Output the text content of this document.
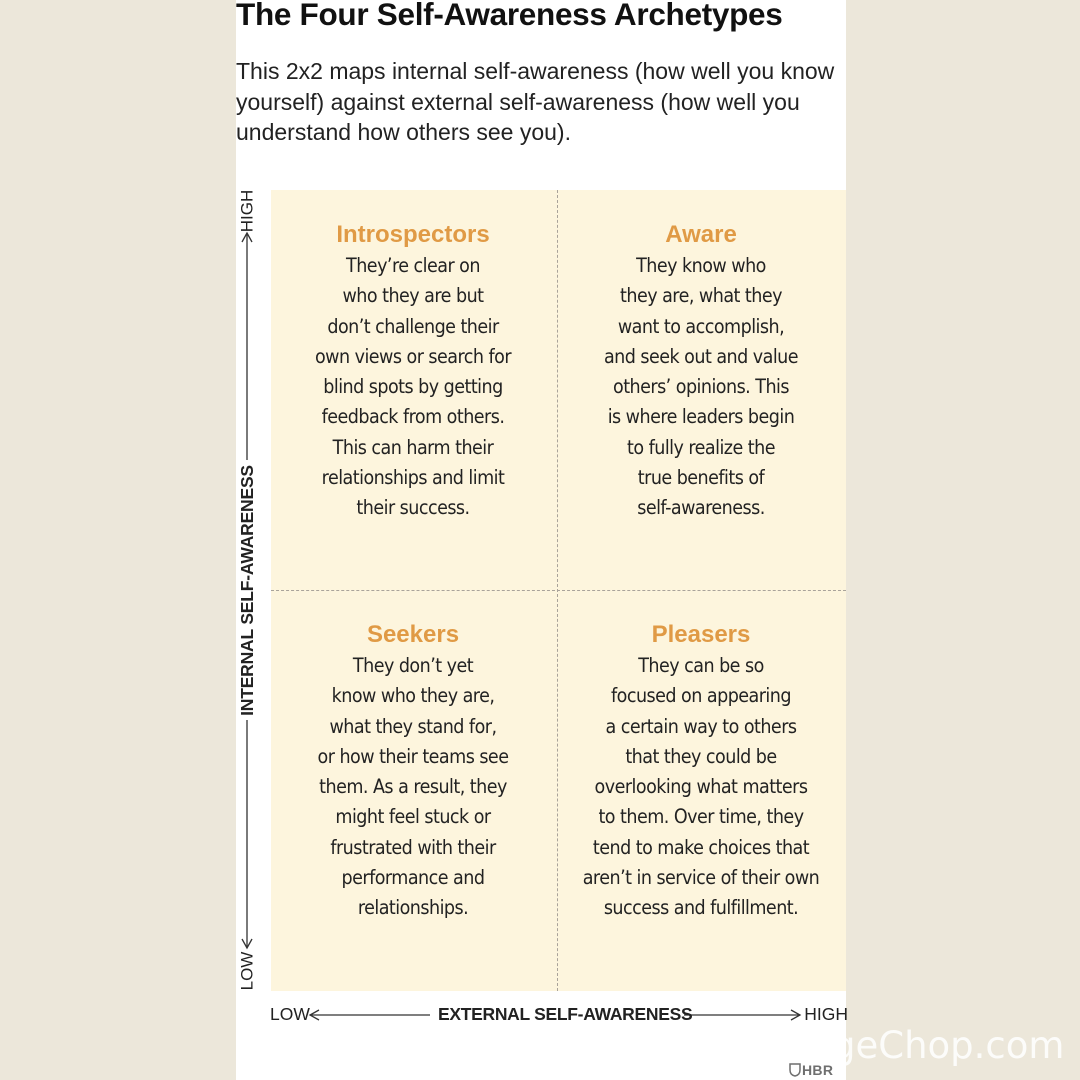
The Four Self-Awareness Archetypes
This 2x2 maps internal self-awareness (how well you know yourself) against external self-awareness (how well you understand how others see you).
Introspectors
They’re clear on
who they are but
don’t challenge their
own views or search for
blind spots by getting
feedback from others.
This can harm their
relationships and limit
their success.
Aware
They know who
they are, what they
want to accomplish,
and seek out and value
others’ opinions. This
is where leaders begin
to fully realize the
true benefits of
self-awareness.
Seekers
They don’t yet
know who they are,
what they stand for,
or how their teams see
them. As a result, they
might feel stuck or
frustrated with their
performance and
relationships.
Pleasers
They can be so
focused on appearing
a certain way to others
that they could be
overlooking what matters
to them. Over time, they
tend to make choices that
aren’t in service of their own
success and fulfillment.
HIGH
INTERNAL SELF-AWARENESS
LOW
LOW	EXTERNAL SELF-AWARENESS	HIGH
HBR
geChop.com
